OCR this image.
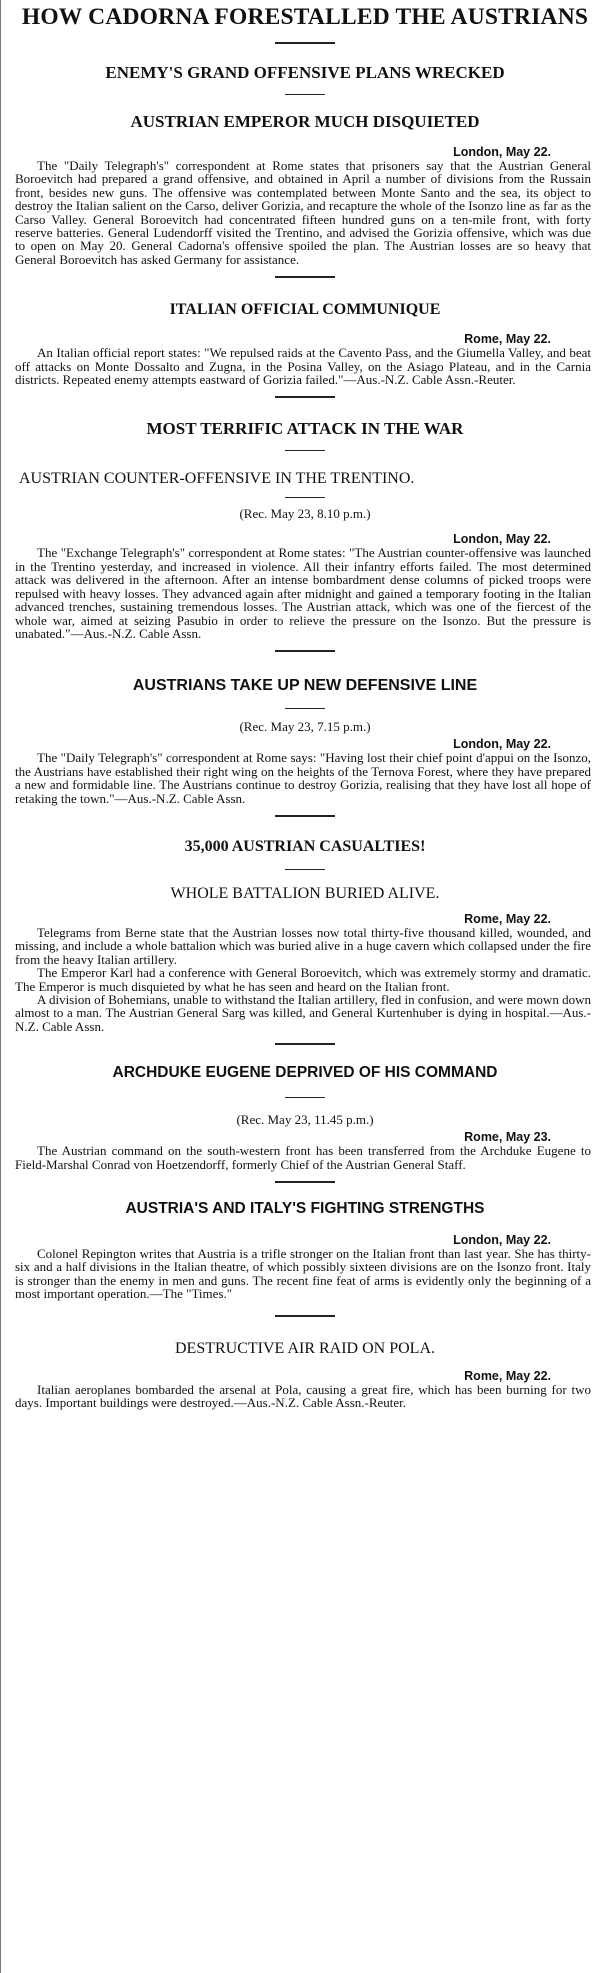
HOW CADORNA FORESTALLED THE AUSTRIANS
ENEMY'S GRAND OFFENSIVE PLANS WRECKED
AUSTRIAN EMPEROR MUCH DISQUIETED
London, May 22.

The "Daily Telegraph's" correspondent at Rome states that prisoners say that the Austrian General Boroevitch had prepared a grand offensive, and obtained in April a number of divisions from the Russain front, besides new guns. The offensive was contemplated between Monte Santo and the sea, its object to destroy the Italian salient on the Carso, deliver Gorizia, and recapture the whole of the Isonzo line as far as the Carso Valley. General Boroevitch had concentrated fifteen hundred guns on a ten-mile front, with forty reserve batteries. General Ludendorff visited the Trentino, and advised the Gorizia offensive, which was due to open on May 20. General Cadorna's offensive spoiled the plan. The Austrian losses are so heavy that General Boroevitch has asked Germany for assistance.

ITALIAN OFFICIAL COMMUNIQUE
Rome, May 22.

An Italian official report states: "We repulsed raids at the Cavento Pass, and the Giumella Valley, and beat off attacks on Monte Dossalto and Zugna, in the Posina Valley, on the Asiago Plateau, and in the Carnia districts. Repeated enemy attempts eastward of Gorizia failed."—Aus.-N.Z. Cable Assn.-Reuter.

MOST TERRIFIC ATTACK IN THE WAR
AUSTRIAN COUNTER-OFFENSIVE IN THE TRENTINO.
(Rec. May 23, 8.10 p.m.)
London, May 22.

The "Exchange Telegraph's" correspondent at Rome states: "The Austrian counter-offensive was launched in the Trentino yesterday, and increased in violence. All their infantry efforts failed. The most determined attack was delivered in the afternoon. After an intense bombardment dense columns of picked troops were repulsed with heavy losses. They advanced again after midnight and gained a temporary footing in the Italian advanced trenches, sustaining tremendous losses. The Austrian attack, which was one of the fiercest of the whole war, aimed at seizing Pasubio in order to relieve the pressure on the Isonzo. But the pressure is unabated."—Aus.-N.Z. Cable Assn.

AUSTRIANS TAKE UP NEW DEFENSIVE LINE
(Rec. May 23, 7.15 p.m.)
London, May 22.

The "Daily Telegraph's" correspondent at Rome says: "Having lost their chief point d'appui on the Isonzo, the Austrians have established their right wing on the heights of the Ternova Forest, where they have prepared a new and formidable line. The Austrians continue to destroy Gorizia, realising that they have lost all hope of retaking the town."—Aus.-N.Z. Cable Assn.

35,000 AUSTRIAN CASUALTIES!
WHOLE BATTALION BURIED ALIVE.
Rome, May 22.

Telegrams from Berne state that the Austrian losses now total thirty-five thousand killed, wounded, and missing, and include a whole battalion which was buried alive in a huge cavern which collapsed under the fire from the heavy Italian artillery.

The Emperor Karl had a conference with General Boroevitch, which was extremely stormy and dramatic. The Emperor is much disquieted by what he has seen and heard on the Italian front.

A division of Bohemians, unable to withstand the Italian artillery, fled in confusion, and were mown down almost to a man. The Austrian General Sarg was killed, and General Kurtenhuber is dying in hospital.—Aus.-N.Z. Cable Assn.

ARCHDUKE EUGENE DEPRIVED OF HIS COMMAND
(Rec. May 23, 11.45 p.m.)
Rome, May 23.

The Austrian command on the south-western front has been transferred from the Archduke Eugene to Field-Marshal Conrad von Hoetzendorff, formerly Chief of the Austrian General Staff.

AUSTRIA'S AND ITALY'S FIGHTING STRENGTHS
London, May 22.

Colonel Repington writes that Austria is a trifle stronger on the Italian front than last year. She has thirty-six and a half divisions in the Italian theatre, of which possibly sixteen divisions are on the Isonzo front. Italy is stronger than the enemy in men and guns. The recent fine feat of arms is evidently only the beginning of a most important operation.—The "Times."

DESTRUCTIVE AIR RAID ON POLA.
Rome, May 22.

Italian aeroplanes bombarded the arsenal at Pola, causing a great fire, which has been burning for two days. Important buildings were destroyed.—Aus.-N.Z. Cable Assn.-Reuter.
